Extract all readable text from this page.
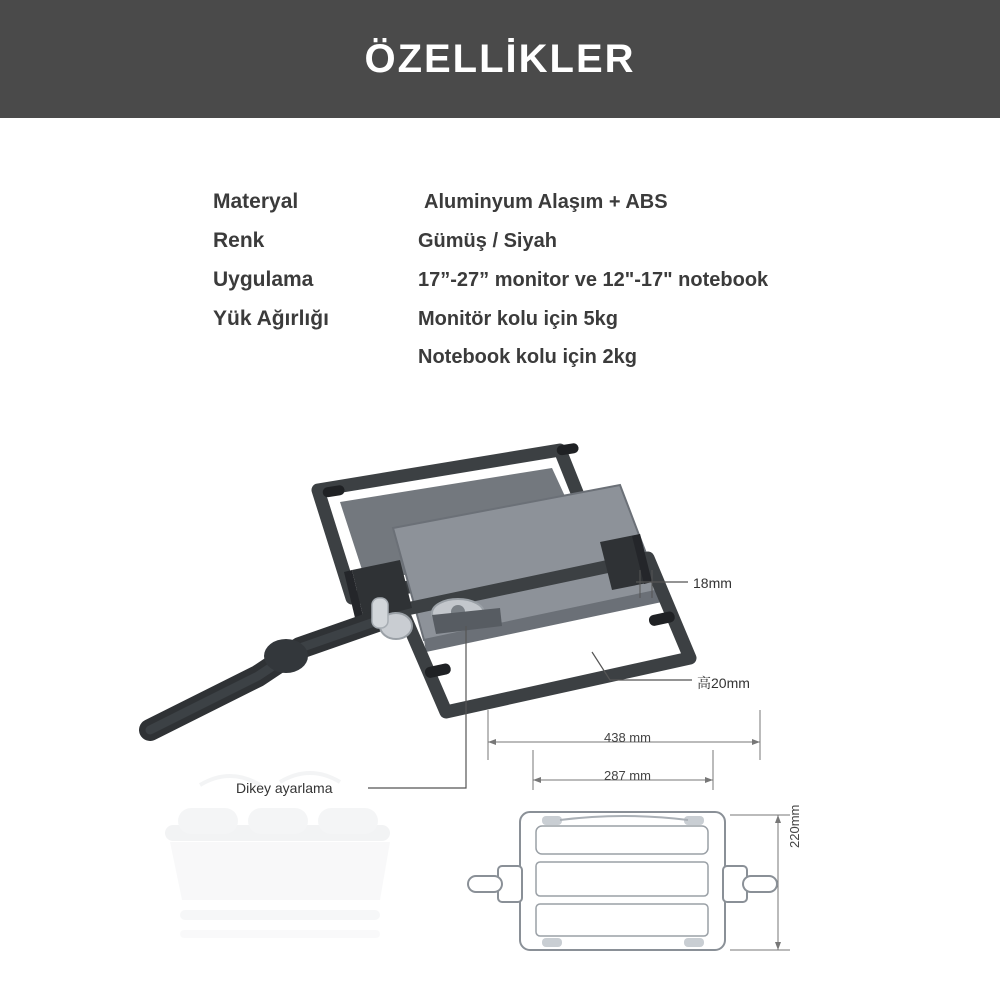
ÖZELLİKLER
Materyal	Aluminyum Alaşım + ABS
Renk	Gümüş / Siyah
Uygulama	17”-27” monitor ve 12"-17" notebook
Yük Ağırlığı	Monitör kolu için 5kg
Notebook kolu için 2kg
18mm
高20mm
Dikey ayarlama
438 mm
287 mm
220mm
